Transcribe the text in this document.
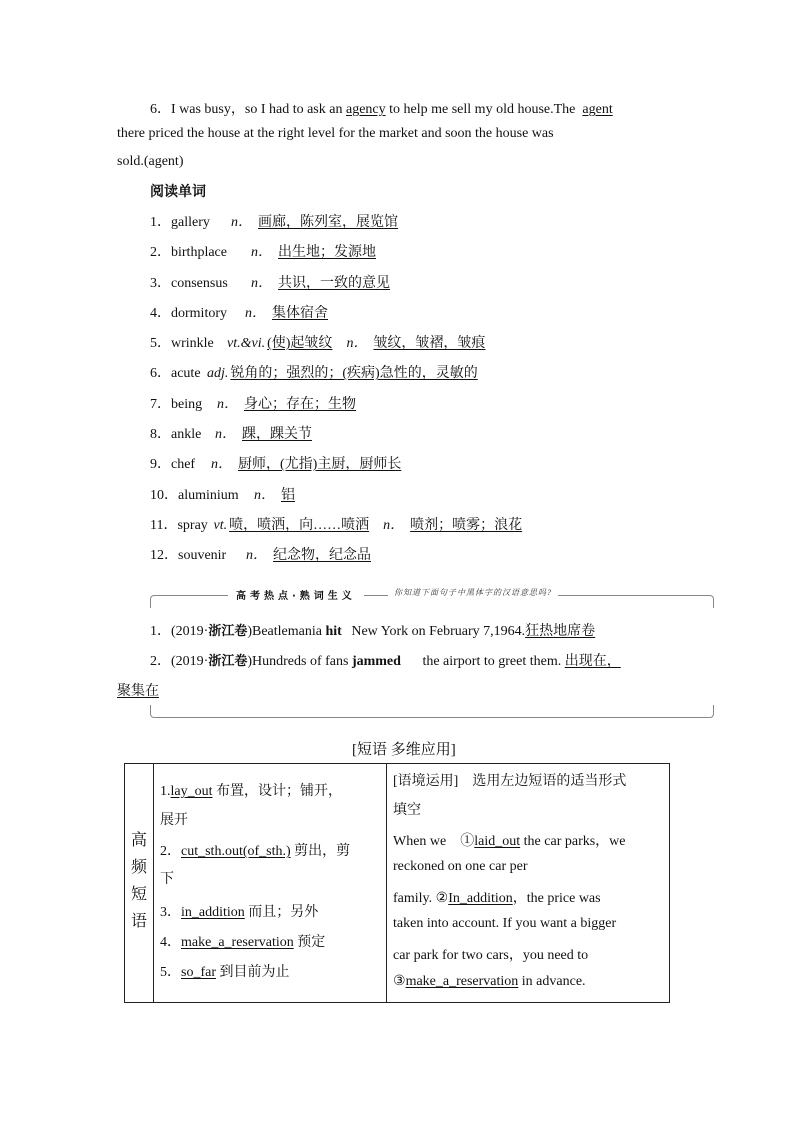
6．I was busy，so I had to ask an agency to help me sell my old house.The  agent
there priced the house at the right level for the market and soon the house was
sold.(agent)
阅读单词
1．gallery n． 画廊，陈列室，展览馆
2．birthplace n． 出生地；发源地
3．consensus n． 共识，一致的意见
4．dormitory n． 集体宿舍
5．wrinkle vt.&vi. (使)起皱纹 n． 皱纹，皱褶，皱痕
6．acute adj. 锐角的；强烈的；(疾病)急性的，灵敏的
7．being n． 身心；存在；生物
8．ankle n． 踝，踝关节
9．chef n． 厨师，(尤指)主厨，厨师长
10．aluminium n． 铝
11．spray vt. 喷，喷洒，向……喷洒 n． 喷剂；喷雾；浪花
12．souvenir n． 纪念物，纪念品
高考热点·熟词生义	你知道下面句子中黑体字的汉语意思吗?
1．(2019·浙江卷)Beatlemania hit New York on February 7,1964.狂热地席卷
2．(2019·浙江卷)Hundreds of fans jammed the airport to greet them. 出现在，
聚集在
[短语 多维应用]
高频短语
1.lay_out 布置，设计；铺开，
展开
2．cut_sth.out(of_sth.) 剪出，剪
下
3．in_addition 而且；另外
4．make_a_reservation 预定
5．so_far 到目前为止
[语境运用]　选用左边短语的适当形式
填空
When we　①laid_out the car parks，we
reckoned on one car per
family. ②In_addition，the price was
taken into account. If you want a bigger
car park for two cars，you need to
③make_a_reservation in advance.
